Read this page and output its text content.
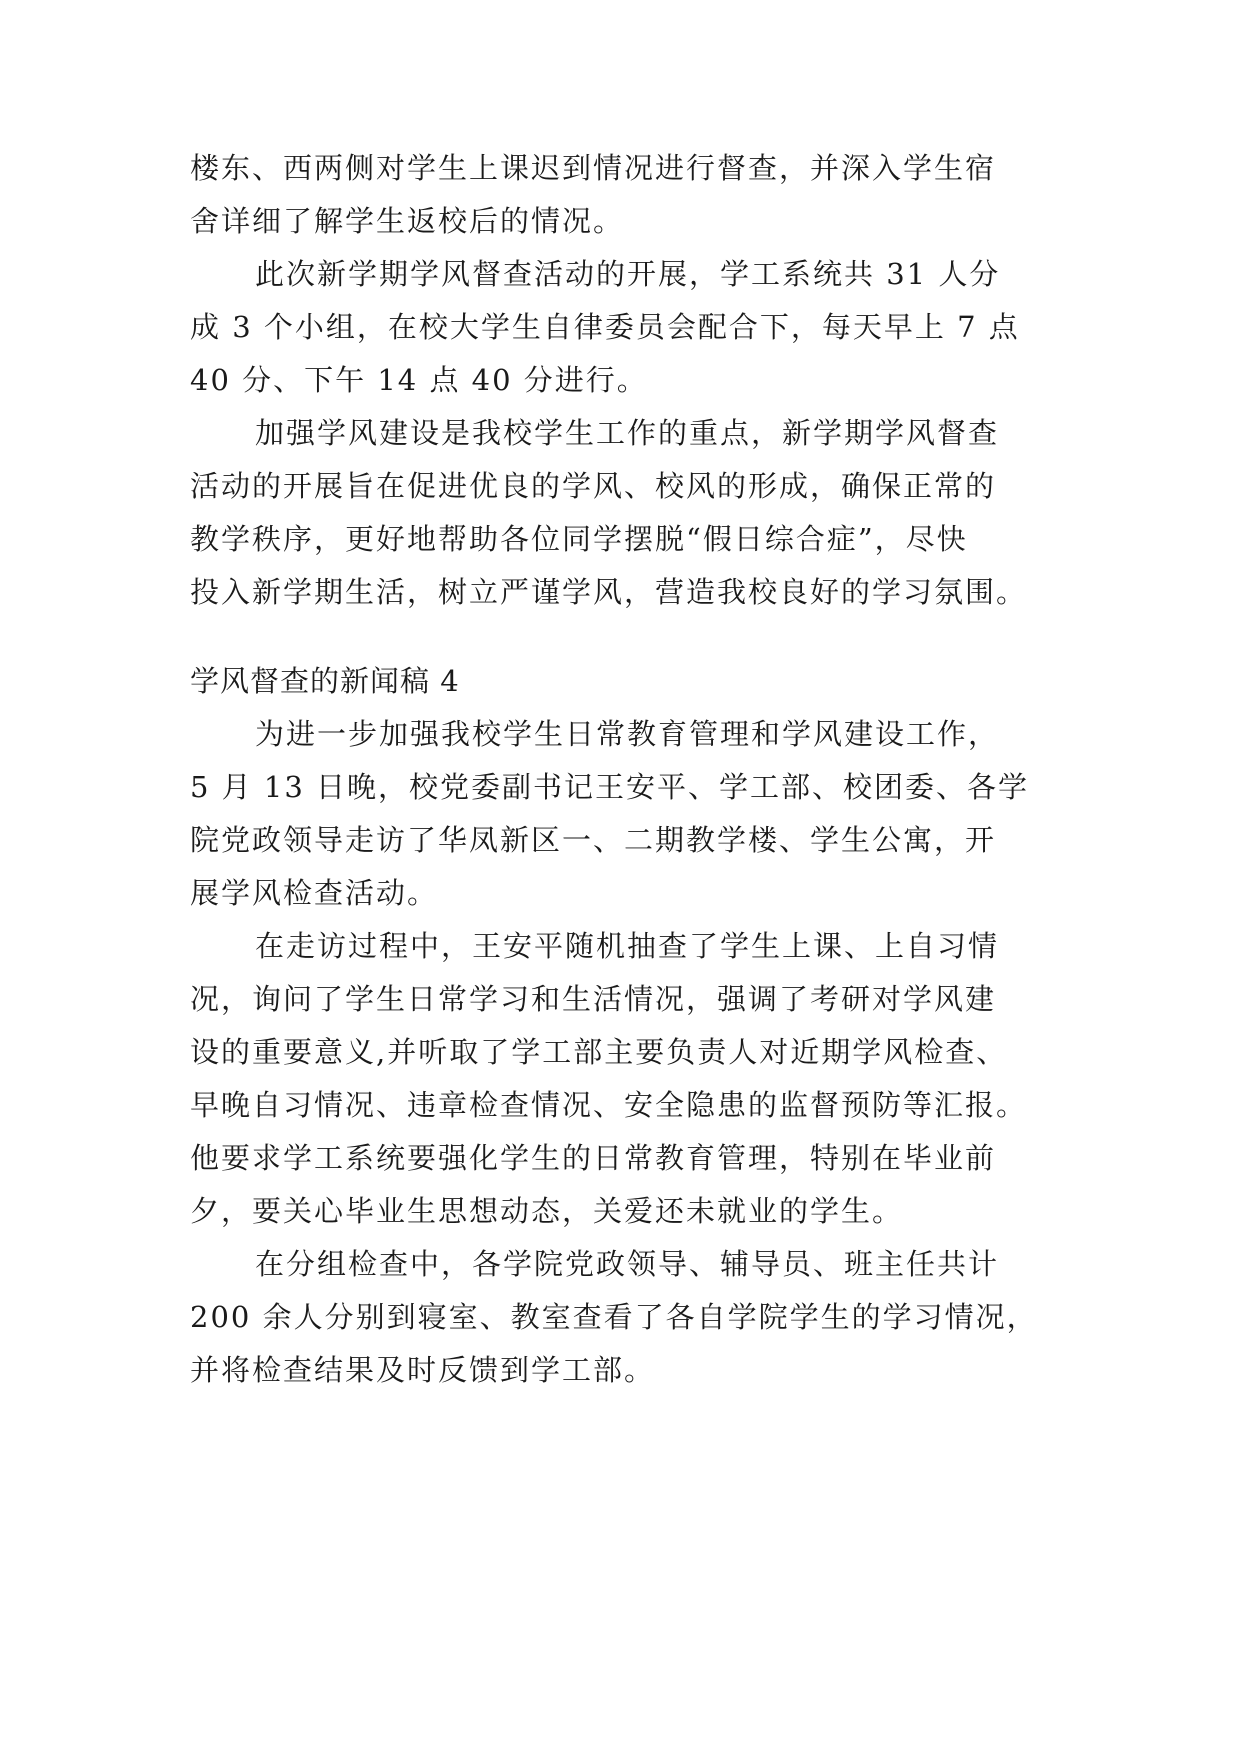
楼东、西两侧对学生上课迟到情况进行督查，并深入学生宿
舍详细了解学生返校后的情况。
此次新学期学风督查活动的开展，学工系统共 31 人分
成 3 个小组，在校大学生自律委员会配合下，每天早上 7 点
40 分、下午 14 点 40 分进行。
加强学风建设是我校学生工作的重点，新学期学风督查
活动的开展旨在促进优良的学风、校风的形成，确保正常的
教学秩序，更好地帮助各位同学摆脱“假日综合症”，尽快
投入新学期生活，树立严谨学风，营造我校良好的学习氛围。
学风督查的新闻稿 4
为进一步加强我校学生日常教育管理和学风建设工作，
5 月 13 日晚，校党委副书记王安平、学工部、校团委、各学
院党政领导走访了华凤新区一、二期教学楼、学生公寓，开
展学风检查活动。
在走访过程中，王安平随机抽查了学生上课、上自习情
况，询问了学生日常学习和生活情况，强调了考研对学风建
设的重要意义,并听取了学工部主要负责人对近期学风检查、
早晚自习情况、违章检查情况、安全隐患的监督预防等汇报。
他要求学工系统要强化学生的日常教育管理，特别在毕业前
夕，要关心毕业生思想动态，关爱还未就业的学生。
在分组检查中，各学院党政领导、辅导员、班主任共计
200 余人分别到寝室、教室查看了各自学院学生的学习情况，
并将检查结果及时反馈到学工部。
